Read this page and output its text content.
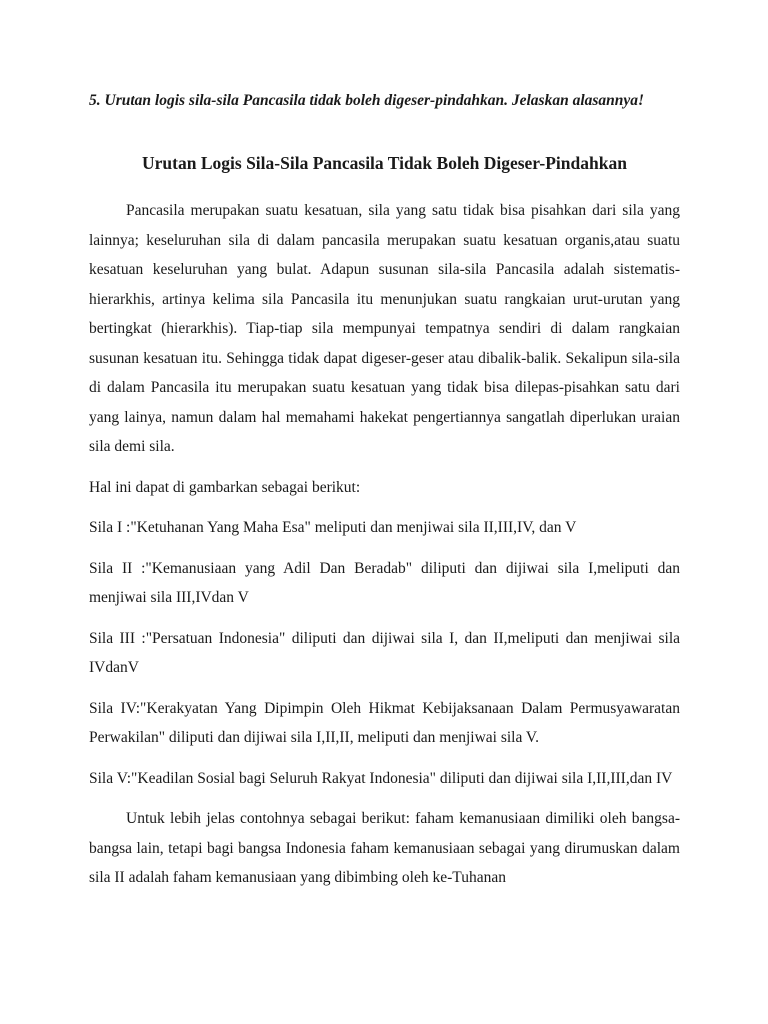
5. Urutan logis sila-sila Pancasila tidak boleh digeser-pindahkan. Jelaskan alasannya!

Urutan Logis Sila-Sila Pancasila Tidak Boleh Digeser-Pindahkan

Pancasila merupakan suatu kesatuan, sila yang satu tidak bisa pisahkan dari sila yang lainnya; keseluruhan sila di dalam pancasila merupakan suatu kesatuan organis,atau suatu kesatuan keseluruhan yang bulat. Adapun susunan sila-sila Pancasila adalah sistematis-hierarkhis, artinya kelima sila Pancasila itu menunjukan suatu rangkaian urut-urutan yang bertingkat (hierarkhis). Tiap-tiap sila mempunyai tempatnya sendiri di dalam rangkaian susunan kesatuan itu. Sehingga tidak dapat digeser-geser atau dibalik-balik. Sekalipun sila-sila di dalam Pancasila itu merupakan suatu kesatuan yang tidak bisa dilepas-pisahkan satu dari yang lainya, namun dalam hal memahami hakekat pengertiannya sangatlah diperlukan uraian sila demi sila.

Hal ini dapat di gambarkan sebagai berikut:

Sila I :"Ketuhanan Yang Maha Esa" meliputi dan menjiwai sila II,III,IV, dan V

Sila II :"Kemanusiaan yang Adil Dan Beradab" diliputi dan dijiwai sila I,meliputi dan menjiwai sila III,IVdan V

Sila III :"Persatuan Indonesia" diliputi dan dijiwai sila I, dan II,meliputi dan menjiwai sila IVdanV

Sila IV:"Kerakyatan Yang Dipimpin Oleh Hikmat Kebijaksanaan Dalam Permusyawaratan Perwakilan" diliputi dan dijiwai sila I,II,II, meliputi dan menjiwai sila V.

Sila V:"Keadilan Sosial bagi Seluruh Rakyat Indonesia" diliputi dan dijiwai sila I,II,III,dan IV

Untuk lebih jelas contohnya sebagai berikut: faham kemanusiaan dimiliki oleh bangsa-bangsa lain, tetapi bagi bangsa Indonesia faham kemanusiaan sebagai yang dirumuskan dalam sila II adalah faham kemanusiaan yang dibimbing oleh ke-Tuhanan
